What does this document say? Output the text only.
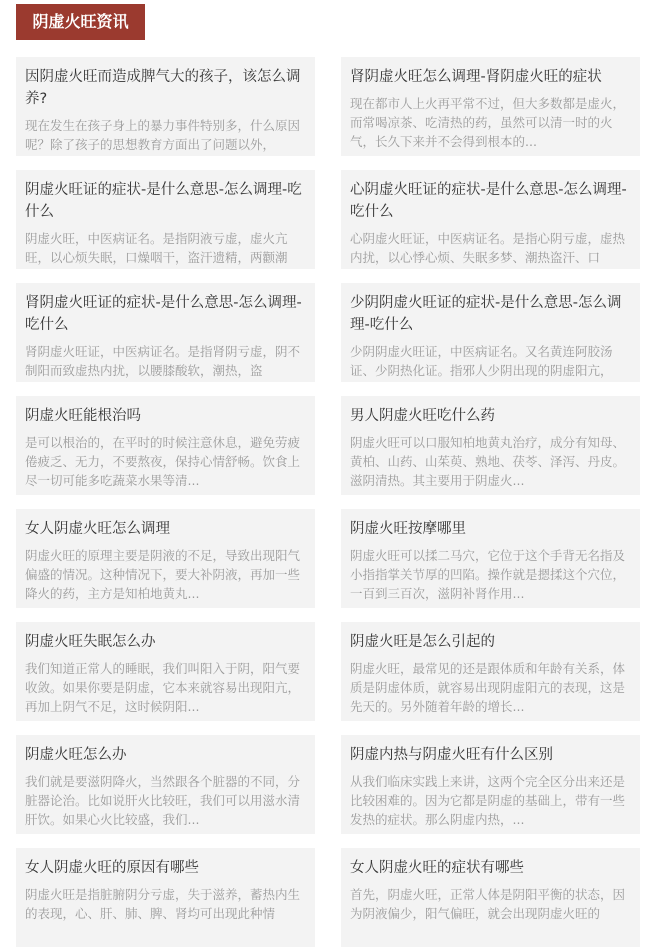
阴虚火旺资讯
因阴虚火旺而造成脾气大的孩子，该怎么调养?
现在发生在孩子身上的暴力事件特别多，什么原因呢？除了孩子的思想教育方面出了问题以外，
肾阴虚火旺怎么调理-肾阴虚火旺的症状
现在都市人上火再平常不过，但大多数都是虚火，而常喝凉茶、吃清热的药，虽然可以清一时的火气，长久下来并不会得到根本的...
阴虚火旺证的症状-是什么意思-怎么调理-吃什么
阴虚火旺，中医病证名。是指阴液亏虚，虚火亢旺，以心烦失眠，口燥咽干，盗汗遗精，两颧潮
心阴虚火旺证的症状-是什么意思-怎么调理-吃什么
心阴虚火旺证，中医病证名。是指心阴亏虚，虚热内扰，以心悸心烦、失眠多梦、潮热盗汗、口
肾阴虚火旺证的症状-是什么意思-怎么调理-吃什么
肾阴虚火旺证，中医病证名。是指肾阴亏虚，阴不制阳而致虚热内扰，以腰膝酸软，潮热，盗
少阴阴虚火旺证的症状-是什么意思-怎么调理-吃什么
少阴阴虚火旺证，中医病证名。又名黄连阿胶汤证、少阴热化证。指邪人少阴出现的阴虚阳亢，
阴虚火旺能根治吗
是可以根治的，在平时的时候注意休息，避免劳疲倦疲乏、无力，不要熬夜，保持心情舒畅。饮食上尽一切可能多吃蔬菜水果等清...
男人阴虚火旺吃什么药
阴虚火旺可以口服知柏地黄丸治疗，成分有知母、黄柏、山药、山茱萸、熟地、茯苓、泽泻、丹皮。滋阴清热。其主要用于阴虚火...
女人阴虚火旺怎么调理
阴虚火旺的原理主要是阴液的不足，导致出现阳气偏盛的情况。这种情况下，要大补阴液，再加一些降火的药，主方是知柏地黄丸...
阴虚火旺按摩哪里
阴虚火旺可以揉二马穴，它位于这个手背无名指及小指指掌关节厚的凹陷。操作就是摁揉这个穴位，一百到三百次，滋阴补肾作用...
阴虚火旺失眠怎么办
我们知道正常人的睡眠，我们叫阳入于阴，阳气要收敛。如果你要是阴虚，它本来就容易出现阳亢，再加上阴气不足，这时候阴阳...
阴虚火旺是怎么引起的
阴虚火旺，最常见的还是跟体质和年龄有关系，体质是阴虚体质，就容易出现阴虚阳亢的表现，这是先天的。另外随着年龄的增长...
阴虚火旺怎么办
我们就是要滋阴降火，当然跟各个脏器的不同，分脏器论治。比如说肝火比较旺，我们可以用滋水清肝饮。如果心火比较盛，我们...
阴虚内热与阴虚火旺有什么区别
从我们临床实践上来讲，这两个完全区分出来还是比较困难的。因为它都是阴虚的基础上，带有一些发热的症状。那么阴虚内热，...
女人阴虚火旺的原因有哪些
阴虚火旺是指脏腑阴分亏虚，失于滋养，蓄热内生的表现，心、肝、肺、脾、肾均可出现此种情
女人阴虚火旺的症状有哪些
首先，阴虚火旺，正常人体是阴阳平衡的状态，因为阴液偏少，阳气偏旺，就会出现阴虚火旺的
